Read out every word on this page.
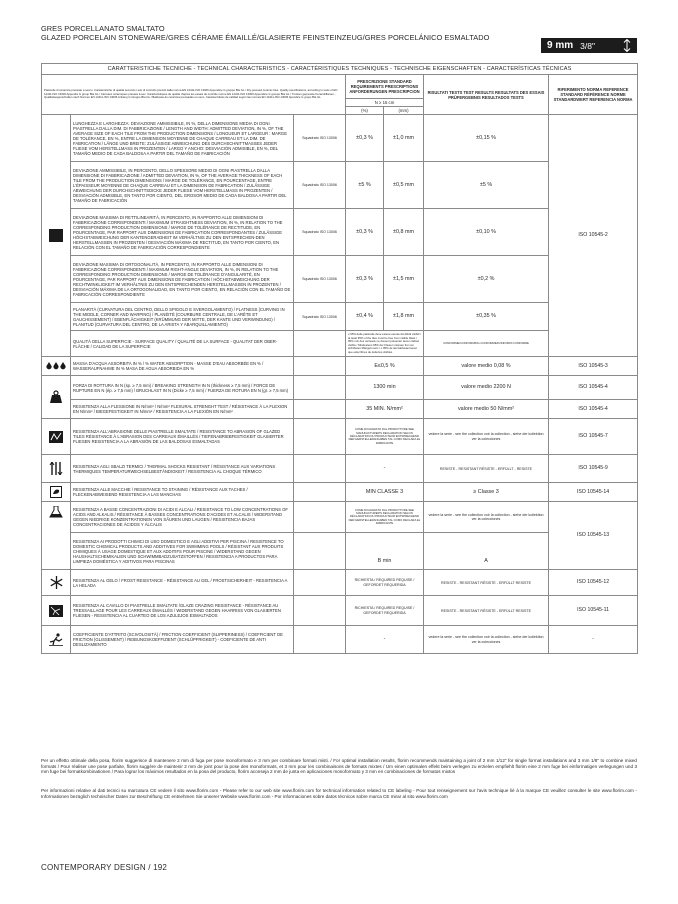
GRES PORCELLANATO SMALTATO
GLAZED PORCELAIN STONEWARE/GRES CÉRAME ÉMAILLÉ/GLASIERTE FEINSTEINZEUG/GRES PORCELÁNICO ESMALTADO
9 mm 3/8"
CARATTERISTICHE TECNICHE - TECHNICAL CHARACTERISTICS - CARACTÉRISTIQUES TECHNIQUES - TECHNISCHE EIGENSCHAFTEN - CARACTERÍSTICAS TÉCNICAS						
Piastrelle di ceramica pressate a secco. Caratteristiche di qualità secondo i test di controllo previsti dalla norma EN 14411-ISO 13006 Appendice G gruppo BIa GL / Dry-pressed ceramic tiles. Quality specifications, according to tests of EN 14411-ISO 13006 Appendix G group BIa GL / Carreaux céramiques pressés à sec. Caractéristiques de qualité d'après les essais de contrôle norme EN 14411-ISO 13006 Appendice G groupe BIa GL / Trocken gepresste Keramikfliesen - Qualitätseigenschaften nach Normen EN 14411-ISO 13006 Anhang G Gruppe BIa GL / Baldosas de cerámica prensadas en seco. Características de calidad según las normas EN 14411-ISO 13006 Apéndice G grupo BIa GL			PRESCRIZIONE STANDARD REQUIREMENTS PRESCRIPTIONS ANFORDERUNGEN PRESCRIPCION		RISULTATI TESTS TEST RESULTS RESULTATS DES ESSAIS PRÜFERGEBNIS RESULTADOS TESTS	RIFERIMENTO NORMA REFERENCE STANDARD RÉFÉRENCE NORME STANDARDWERT REFERENCIA NORMA
			N ≥ 15 cm			
			(%)	(mm)		

	LUNGHEZZA E LARGHEZZA: DEVIAZIONE AMMISSIBILE, IN %, DELLA DIMENSIONE MEDIA DI OGNI PIASTRELLA DALLA DIM. DI FABBRICAZIONE / LENGTH AND WIDTH: ADMITTED DEVIATION, IN %, OF THE AVERAGE SIZE OF EACH TILE FROM THE PRODUCTION DIMENSIONS / LONGUEUR ET LARGEUR : MARGE DE TOLÉRANCE, EN %, ENTRE LA DIMENSION MOYENNE DE CHAQUE CARREAU ET LA DIM. DE FABRICATION / LÄNGE UND BREITE: ZULÄSSIGE ABWEICHUNG DES DURCHSCHNITTMASSES JEDER FLIESE VOM HERSTELLMASS IN PROZENTEN / LARGO Y ANCHO: DESVIACIÓN ADMISIBLE, EN %, DEL TAMAÑO MEDIO DE CADA BALDOSA A PARTIR DEL TAMAÑO DE FABRICACIÓN	Squadrato ISO 13006	±0,3 %	±1,0 mm	±0,15 %	ISO 10545-2
	DEVIAZIONE AMMISSIBILE, IN PERCENTO, DELLO SPESSORE MEDIO DI OGNI PIASTRELLA DALLA DIMENSIONE DI FABBRICAZIONE / ADMITTED DEVIATION, IN %, OF THE AVERAGE THICKNESS OF EACH TILE FROM THE PRODUCTION DIMENSIONS / MARGE DE TOLÉRANCE, EN POURCENTAGE, ENTRE L'ÉPAISSEUR MOYENNE DE CHAQUE CARREAU ET LA DIMENSION DE FABRICATION / ZULÄSSIGE ABWEICHUNG DER DURCHSCHNITTSDICKE JEDER FLIESE VOM HERSTELLMASS IN PROZENTEN / DESVIACIÓN ADMISIBLE, EN TANTO POR CIENTO, DEL GROSOR MEDIO DE CADA BALDOSA A PARTIR DEL TAMAÑO DE FABRICACIÓN	Squadrato ISO 13006	±5 %	±0,5 mm	±5 %	
	DEVIAZIONE MASSIMA DI RETTILINEARITÀ, IN PERCENTO, IN RAPPORTO ALLE DIMENSIONI DI FABBRICAZIONE CORRISPONDENTI / MAXIMUM STRAIGHTNESS DEVIATION, IN %, IN RELATION TO THE CORRESPONDING PRODUCTION DIMENSIONS / MARGE DE TOLÉRANCE DE RECTITUDE, EN POURCENTAGE, PAR RAPPORT AUX DIMENSIONS DE FABRICATION CORRESPONDANTES / ZULÄSSIGE HÖCHSTABWEICHUNG DER KANTENGERADHEIT IM VERHÄLTNIS ZU DEN ENTSPRECHEN-DEN HERSTELLMASSEN IN PROZENTEN / DESVIACIÓN MÁXIMA DE RECTITUD, EN TANTO POR CIENTO, EN RELACIÓN CON EL TAMAÑO DE FABRICACIÓN CORRESPONDIENTE	Squadrato ISO 13006	±0,3 %	±0,8 mm	±0,10 %	
	DEVIAZIONE MASSIMA DI ORTOGONALITÀ, IN PERCENTO, IN RAPPORTO ALLE DIMENSIONI DI FABBRICAZIONE CORRISPONDENTI / MAXIMUM RIGHT-ANGLE DEVIATION, IN %, IN RELATION TO THE CORRESPONDING PRODUCTION DIMENSIONS / MARGE DE TOLÉRANCE D'ANGULARITÉ, EN POURCENTAGE, PAR RAPPORT AUX DIMENSIONS DE FABRICATION / HÖCHSTABWEICHUNG DER RECHTWINKLIGKEIT IM VERHÄLTNIS ZU DEN ENTSPRECHENDEN HERSTELLMASSEN IN PROZENTEN / DESVIACIÓN MÁXIMA DE LA ORTOGONALIDAD, EN TANTO POR CIENTO, EN RELACIÓN CON EL TAMAÑO DE FABRICACIÓN CORRESPONDIENTE	Squadrato ISO 13006	±0,3 %	±1,5 mm	±0,2 %	
	PLANARITÀ (CURVATURA DEL CENTRO, DELLO SPIGOLO E SVERGOLAMENTO) / FLATNESS (CURVING IN THE MIDDLE, CORNER AND WARPING) / PLANÉITÉ (COURBURE CENTRALE, DE L'ARÊTE ET GAUCHISSEMENT) / EBENFLÄCHIGKEIT (KRÜMMUNG DER MITTE, DER KANTE UND VERWINDUNG) / PLANITUD (CURVATURA DEL CENTRO, DE LA ARISTA Y ABARQUILLAMIENTO)	Squadrato ISO 13006	±0,4 %	±1,8 mm	±0,35 %	
	QUALITÀ DELLA SUPERFICIE - SURFACE QUALITY / QUALITÉ DE LA SURFACE - QUALITAT DER OBER-FLÄCHE / CALIDAD DE LA SUPERFICIE		≥ 95% delle piastrelle deve essere esente da difetti visibili / at least 95% of the tiles must be free from visible flaws / 95% min des carreaux ne doivent présenter aucun défaut visible / Mindestens 95% der Fliesen müssen frei von sichtbaren Mängeln sein / ≥ 95% de las baldosas tienen que estar libres de defectos visibles		CONFORME/CONFORMING CONFORME/KONFORM CONFORME	

	MASSA D'ACQUA ASSORBITA IN % / % WATER ABSORPTION - MASSE D'EAU ABSORBÉE EN % / WASSERAUFNAHME IN % MASA DE AGUA ABSORBIDA EN %		E≤0,5 %		valore medio 0,08 %	ISO 10545-3

	FORZA DI ROTTURA IN N (sp. ≥ 7,5 mm) / BREAKING STRENGTH IN N (thickness ≥ 7,5 mm) / FORCE DE RUPTURE EN N (ép. ≥ 7,5 mm) / BRUCHLAST IN N (Dicke ≥ 7,5 mm) / FUERZA DE ROTURA EN N (gr. ≥ 7,5 mm)		1300 min		valore medio 2200 N	ISO 10545-4
	RESISTENZA ALLA FLESSIONE IN N/mm² / N/mm² FLEXURAL STRENGHT TEST / RÉSISTANCE À LA FLEXION EN N/mm² / BIEGEFESTIGKEIT IN N/mm² / RESISTENCIA A LA FLEXIÓN EN N/mm²		35 MIN. N/mm²		valore medio 50 N/mm²	ISO 10545-4

	RESISTENZA ALL'ABRASIONE DELLE PIASTRELLE SMALTATE / RESISTANCE TO ABRASION OF GLAZED TILES RÉSISTANCE À L'ABRASION DES CARREAUX ÉMAILLÉS / TIEFENABRIEBFESTIGKEIT GLASIERTER FLIESEN RESISTENCIA A LA ABRASIÓN DE LAS BALDOSAS ESMALTADAS		COME DICHIARATO DAL PRODUTTORE SEE MANUFACTURER'S DECLARATION SELON DÉCLARATION DU PRODUCTEUR ENTSPRECHEND DER HERSTELLERANGABEN TAL COMO DECLARA EL FABRICANTE		vedere la serie - see the collection voir la collection - siehe der kollektion ver la colecciones	ISO 10545-7

	RESISTENZA AGLI SBALZI TERMICI / THERMAL SHOCKS RESISTANT / RÉSISTANCE AUX VARIATIONS THERMIQUES TEMPERATURWECHSELBESTÄNDIGKEIT / RESISTENCIA AL CHOQUE TÉRMICO		-		RESISTE - RESISTANT RÉSISTE - ERFÜLLT - RESISTE	ISO 10545-9

	RESISTENZA ALLE MACCHIE / RESISTANCE TO STAINING / RÉSISTANCE AUX TACHES / FLECKENABWEISEND RESISTENCIA A LAS MANCHAS		MIN CLASSE 3		≥ Classe 3	ISO 10545-14

	RESISTENZA A BASSE CONCENTRAZIONI DI ACIDI E ALCALI / RESISTANCE TO LOW CONCENTRATIONS OF ACIDS AND ALKALIS / RÉSISTANCE À BASSES CONCENTRATIONS D'ACIDES ET ALCALIS / WIDERSTAND GEGEN NIEDRIGE KONZENTRATIONEN VON SÄUREN UND LAUGEN / RESISTENCIA BAJAS CONCENTRACIONES DE ÁCIDOS Y ÁLCALIS		COME DICHIARATO DAL PRODUTTORE SEE MANUFACTURER'S DECLARATION SELON DÉCLARATION DU PRODUCTEUR ENTSPRECHEND DER HERSTELLERANGABEN TAL COMO DECLARA EL FABRICANTE		vedere la serie - see the collection voir la collection - siehe der kollektion ver la colecciones	ISO 10545-13
	RESISTENZA AI PRODOTTI CHIMICI DI USO DOMESTICO E AGLI ADDITIVI PER PISCINA / RESISTENCE TO DOMESTIC CHEMICAL PRODUCTS AND ADDITIVES FOR SWIMMING POOLS / RÉSISTANT AUX PRODUITS CHIMIQUES À USAGE DOMESTIQUE ET AUX ADDITIFS POUR PISCINE / WIDERSTAND GEGEN HAUSHALTSCHEMIKALIEN UND SCHWIMMBADZUSATZSTOFFEN / RESISTENCIA A PRODUCTOS PARA LIMPIEZA DOMÉSTICA Y ADITIVOS PARA PISCINAS		B min		A	

	RESISTENZA AL GELO / FROST RESISTANCE - RÉSISTANCE AU GEL / FROSTSICHERHEIT - RESISTENCIA A LA HELADA		RICHIESTA / REQUIRED REQUISE / GEFORDET REQUERIDA		RESISTE - RESISTANT RÉSISTE - ERFÜLLT RESISTE	ISO 10545-12

	RESISTENZA AL CAVILLO DI PIASTRELLE SMALTATE /GLAZE CRAZING RESISTANCE - RÉSISTANCE AU TRESSAILLAGE POUR LES CARREAUX ÉMAILLÉS / WIDERSTAND GEGEN HAARRISS VON GLASIERTEN FLIESEN - RESISTENCIA AL CUARTEO DE LOS AZULEJOS ESMALTADOS		RICHIESTA / REQUIRED REQUISE / GEFORDET REQUERIDA		RESISTE - RESISTANT RÉSISTE - ERFÜLLT RESISTE	ISO 10545-11

	COEFFICIENTE D'ATTRITO (SCIVOLOSITÀ) / FRICTION COEFFICIENT (SLIPPERINESS) / COEFFICIENT DE FRICTION (GLISSEMENT) / REIBUNGSKOEFFIZIENT (SCHLÜPFRIGKEIT) - COEFICIENTE DE ANTI DESLIZAMIENTO		-		vedere la serie - see the collection voir la collection - siehe der kollektion ver la colecciones	-
Per un effetto ottimale della posa, florim suggerisce di mantenere 2 mm di fuga per pose monoformato e 3 mm per combinare formati misti. / For optimal installation results, florim recommends maintaining a joint of 2 mm 1/12" for single format installations and 3 mm 1/8" to combine mixed formats / Pour réaliser une pose parfaite, florim suggère de maintenir 2 mm de joint pour la pose des monoformats, et 3 mm pour les combinaisons de formats mixtes / Um einen optimalen effekt beim verlegen zu erzielen empfiehlt florim eine 2 mm fuge bei einformatigen verlegungen und 3 mm fuge bei formatkombinationen / Para lograr los máximos resultados en la posa del producto, florim aconseja 2 mm de junta en aplicaciones monoformato y 3 mm en combinaciones de formatos mixtos
Per informazioni relative al dati tecnici su marcatura CE vedere il sito www.florim.com - Please refer to our web site www.florim.com for technical information related to CE labeling - Pour tout renseignement sur l'avis technique lié à la marque CE veuillez consulter le site www.florim.com - Informationen bezüglich technischer Daten zur Beschriftung CE entnehmen Sie unserer Website www.florim.com - Por informaciones sobre datos técnicos sobre marca CE mirar al sito www.florim.com
CONTEMPORARY DESIGN / 192
